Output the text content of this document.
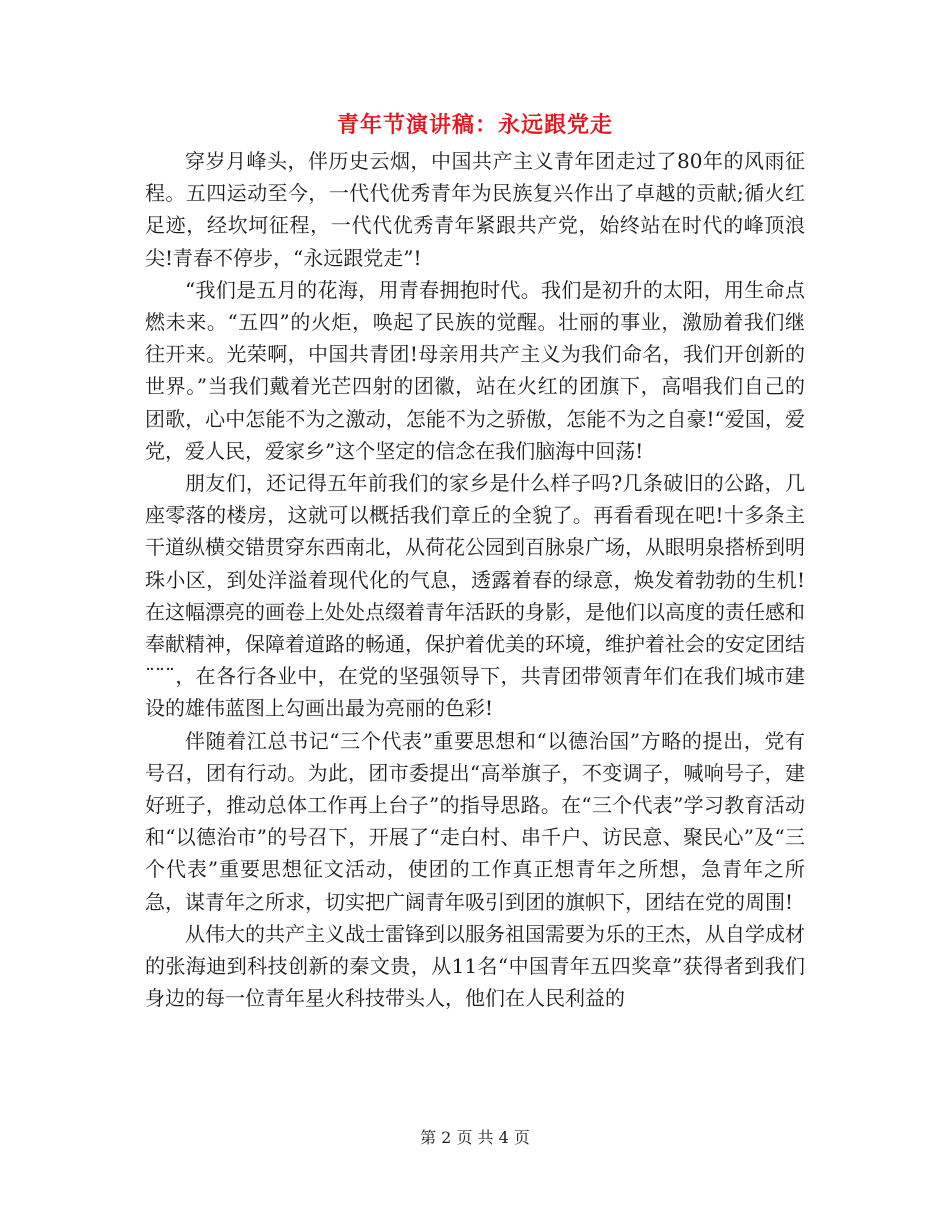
青年节演讲稿：永远跟党走

穿岁月峰头，伴历史云烟，中国共产主义青年团走过了80年的风雨征程。五四运动至今，一代代优秀青年为民族复兴作出了卓越的贡献;循火红足迹，经坎坷征程，一代代优秀青年紧跟共产党，始终站在时代的峰顶浪尖!青春不停步，“永远跟党走”!

“我们是五月的花海，用青春拥抱时代。我们是初升的太阳，用生命点燃未来。“五四”的火炬，唤起了民族的觉醒。壮丽的事业，激励着我们继往开来。光荣啊，中国共青团!母亲用共产主义为我们命名，我们开创新的世界。”当我们戴着光芒四射的团徽，站在火红的团旗下，高唱我们自己的团歌，心中怎能不为之激动，怎能不为之骄傲，怎能不为之自豪!“爱国，爱党，爱人民，爱家乡”这个坚定的信念在我们脑海中回荡!

朋友们，还记得五年前我们的家乡是什么样子吗?几条破旧的公路，几座零落的楼房，这就可以概括我们章丘的全貌了。再看看现在吧!十多条主干道纵横交错贯穿东西南北，从荷花公园到百脉泉广场，从眼明泉搭桥到明珠小区，到处洋溢着现代化的气息，透露着春的绿意，焕发着勃勃的生机!在这幅漂亮的画卷上处处点缀着青年活跃的身影，是他们以高度的责任感和奉献精神，保障着道路的畅通，保护着优美的环境，维护着社会的安定团结¨¨¨，在各行各业中，在党的坚强领导下，共青团带领青年们在我们城市建设的雄伟蓝图上勾画出最为亮丽的色彩!

伴随着江总书记“三个代表”重要思想和“以德治国”方略的提出，党有号召，团有行动。为此，团市委提出“高举旗子，不变调子，喊响号子，建好班子，推动总体工作再上台子”的指导思路。在“三个代表”学习教育活动和“以德治市”的号召下，开展了“走白村、串千户、访民意、聚民心”及“三个代表”重要思想征文活动，使团的工作真正想青年之所想，急青年之所急，谋青年之所求，切实把广阔青年吸引到团的旗帜下，团结在党的周围!

从伟大的共产主义战士雷锋到以服务祖国需要为乐的王杰，从自学成材的张海迪到科技创新的秦文贵，从11名“中国青年五四奖章”获得者到我们身边的每一位青年星火科技带头人，他们在人民利益的

第 2 页 共 4 页
